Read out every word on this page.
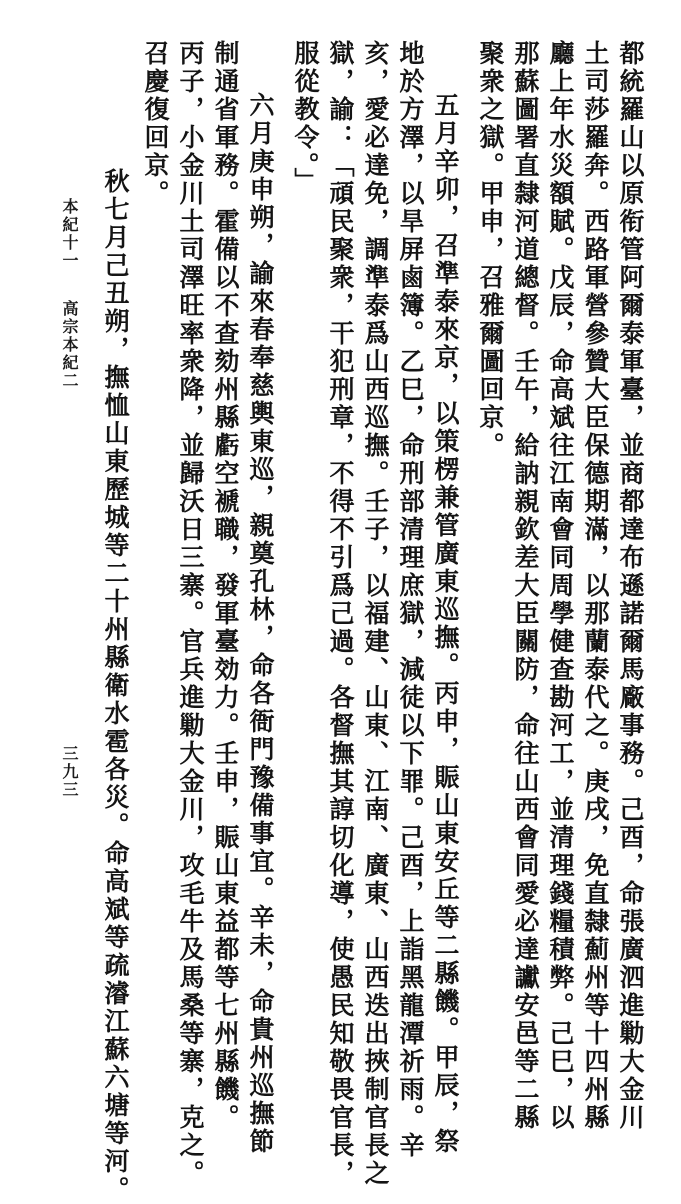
都統羅山以原衔管阿爾泰軍臺，並商都達布遜諾爾馬廠事務。己酉，命張廣泗進勦大金川
土司莎羅奔。西路軍營參贊大臣保德期滿，以那蘭泰代之。庚戌，免直隸薊州等十四州縣
廳上年水災額賦。戊辰，命高斌往江南會同周學健查勘河工，並清理錢糧積弊。己巳，以
那蘇圖署直隸河道總督。壬午，給訥親欽差大臣關防，命往山西會同愛必達讞安邑等二縣
聚衆之獄。甲申，召雅爾圖回京。
五月辛卯，召準泰來京，以策楞兼管廣東巡撫。丙申，賑山東安丘等二縣饑。甲辰，祭
地於方澤，以旱屏鹵簿。乙巳，命刑部清理庶獄，減徒以下罪。己酉，上詣黑龍潭祈雨。辛
亥，愛必達免，調準泰爲山西巡撫。壬子，以福建、山東、江南、廣東、山西迭出挾制官長之
獄，諭：「頑民聚衆，干犯刑章，不得不引爲己過。各督撫其諄切化導，使愚民知敬畏官長，
服從教令。」
六月庚申朔，諭來春奉慈輿東巡，親奠孔林，命各衙門豫備事宜。辛未，命貴州巡撫節
制通省軍務。霍備以不查劾州縣虧空褫職，發軍臺効力。壬申，賑山東益都等七州縣饑。
丙子，小金川土司澤旺率衆降，並歸沃日三寨。官兵進勦大金川，攻毛牛及馬桑等寨，克之。
召慶復回京。
秋七月己丑朔，撫恤山東歷城等二十州縣衛水雹各災。命高斌等疏濬江蘇六塘等河。
本紀十一
高宗本紀二
三九三
